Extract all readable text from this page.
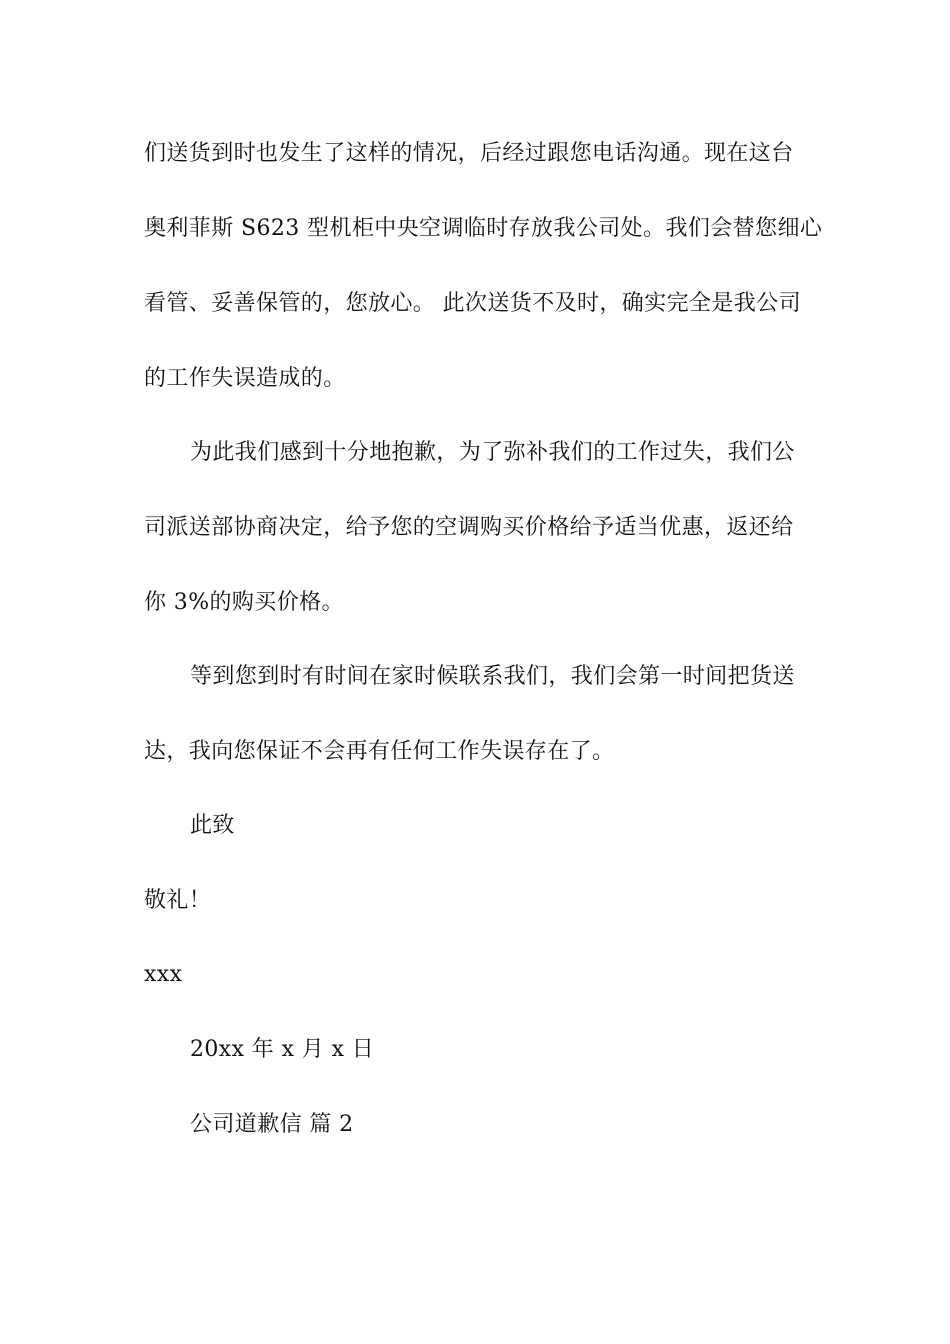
们送货到时也发生了这样的情况，后经过跟您电话沟通。现在这台
奥利菲斯 S623 型机柜中央空调临时存放我公司处。我们会替您细心
看管、妥善保管的，您放心。 此次送货不及时，确实完全是我公司
的工作失误造成的。
为此我们感到十分地抱歉，为了弥补我们的工作过失，我们公
司派送部协商决定，给予您的空调购买价格给予适当优惠，返还给
你 3%的购买价格。
等到您到时有时间在家时候联系我们，我们会第一时间把货送
达，我向您保证不会再有任何工作失误存在了。
此致
敬礼！
xxx
20xx 年 x 月 x 日
公司道歉信 篇 2
